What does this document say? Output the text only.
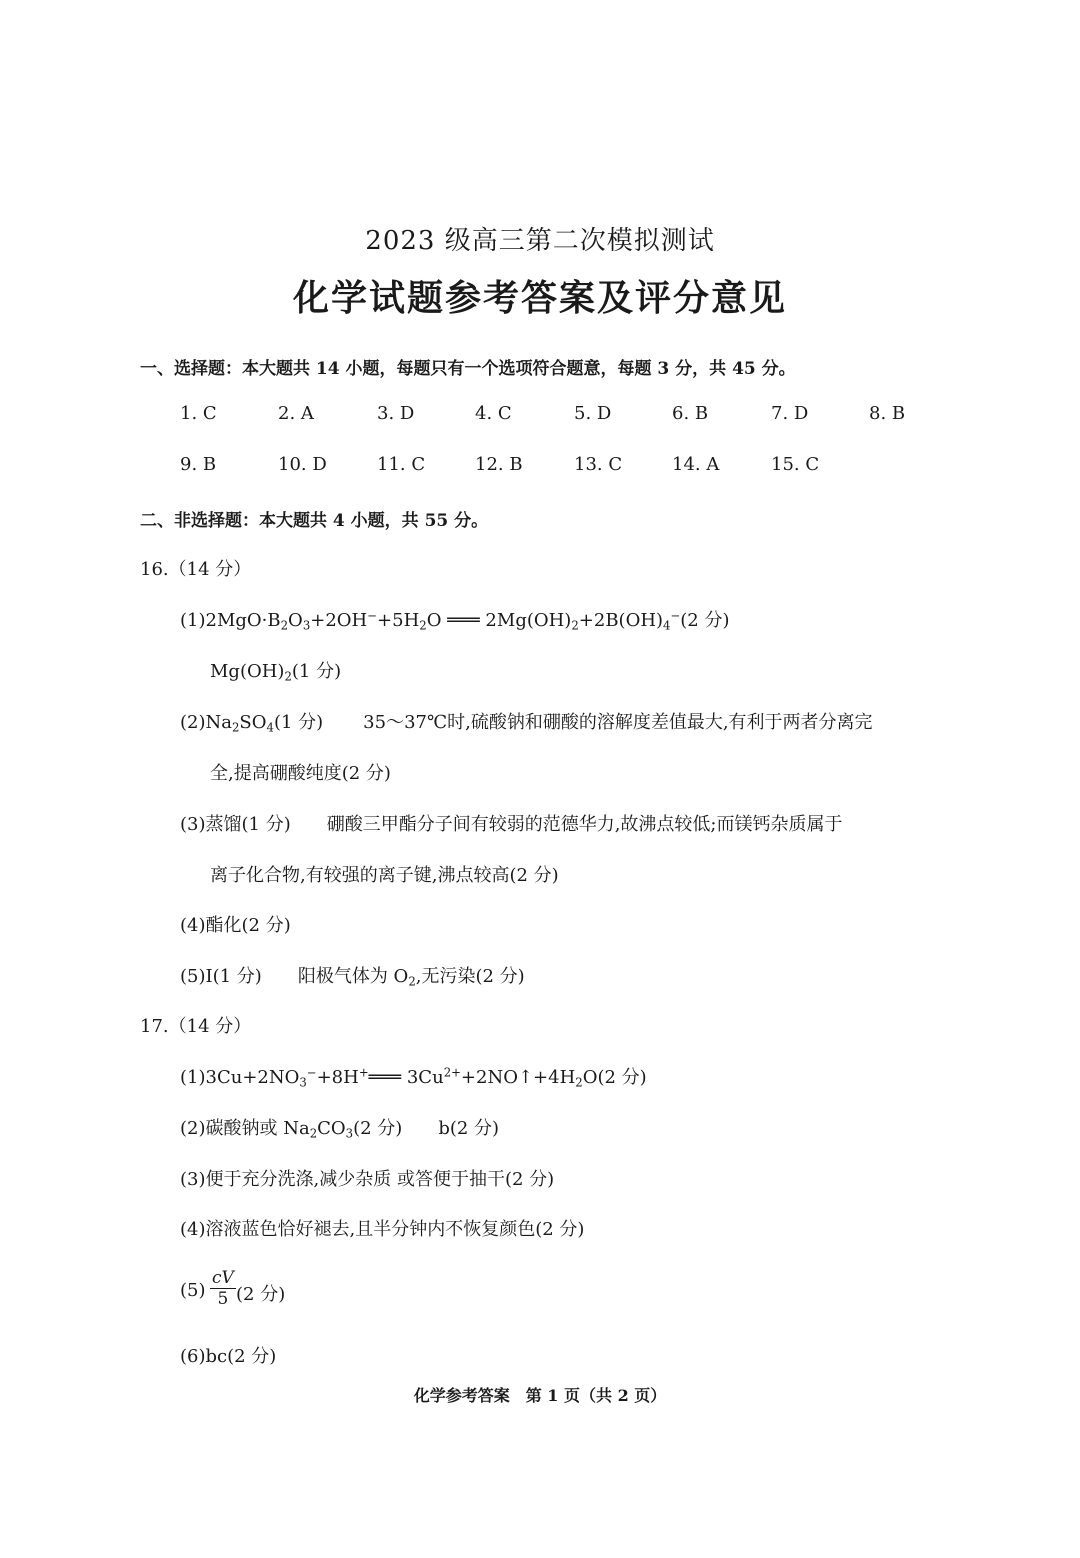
2023 级高三第二次模拟测试
化学试题参考答案及评分意见
一、选择题：本大题共 14 小题，每题只有一个选项符合题意，每题 3 分，共 45 分。
1. C	2. A	3. D	4. C	5. D	6. B	7. D	8. B
9. B	10. D	11. C	12. B	13. C	14. A	15. C
二、非选择题：本大题共 4 小题，共 55 分。
16.（14 分）
$(1)2MgO\cdot B_2O_3+2OH^-+5H_2O$ ═══ $2Mg(OH)_2+2B(OH)_4^-(2$ 分)
$Mg(OH)_2(1$ 分)
$(2)Na_2SO_4(1$ 分) 35～37℃时,硫酸钠和硼酸的溶解度差值最大,有利于两者分离完
全,提高硼酸纯度(2 分)
(3)蒸馏(1 分)　　硼酸三甲酯分子间有较弱的范德华力,故沸点较低;而镁钙杂质属于
离子化合物,有较强的离子键,沸点较高(2 分)
(4)酯化(2 分)
(5)I(1 分)　　阳极气体为 $O_2$,无污染(2 分)
17.（14 分）
$(1)3Cu+2NO_3^-+8H^+═══$ $3Cu^{2+}+2NO↑+4H_2O(2$ 分)
(2)碳酸钠或 $Na_2CO_3(2$ 分)　　b(2 分)
(3)便于充分洗涤,减少杂质 或答便于抽干(2 分)
(4)溶液蓝色恰好褪去,且半分钟内不恢复颜色(2 分)
$(5) \frac{cV}{5} (2$ 分)
(6)bc(2 分)
化学参考答案　第 1 页（共 2 页）
